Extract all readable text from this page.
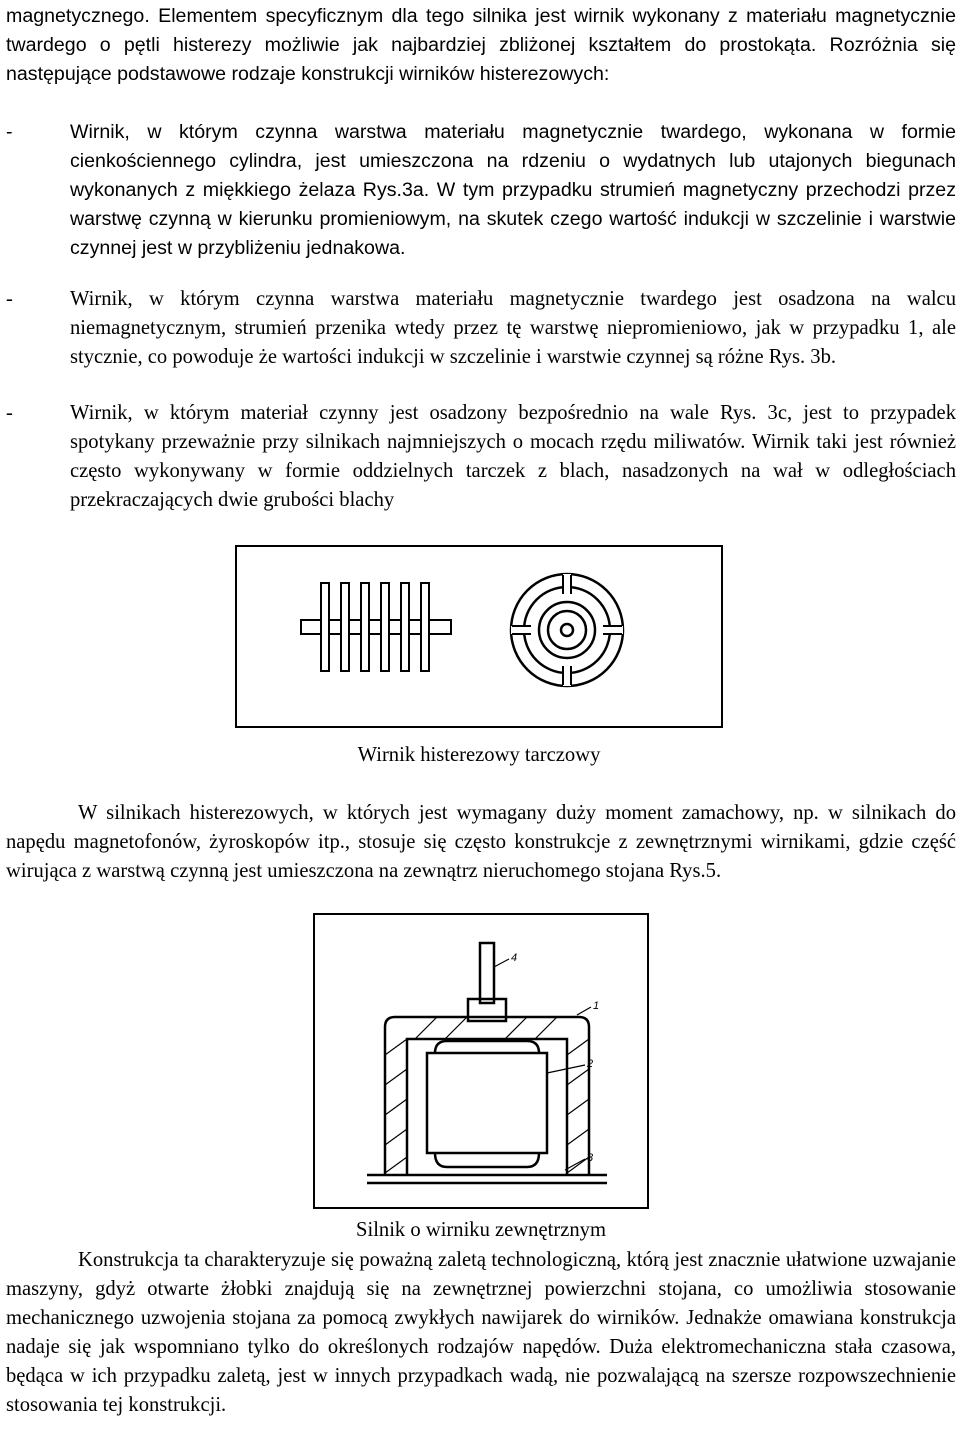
magnetycznego. Elementem specyficznym dla tego silnika jest wirnik wykonany z materiału magnetycznie twardego o pętli histerezy możliwie jak najbardziej zbliżonej kształtem do prostokąta. Rozróżnia się następujące podstawowe rodzaje konstrukcji wirników histerezowych:

-	Wirnik, w którym czynna warstwa materiału magnetycznie twardego, wykonana w formie cienkościennego cylindra, jest umieszczona na rdzeniu o wydatnych lub utajonych biegunach wykonanych z miękkiego żelaza Rys.3a. W tym przypadku strumień magnetyczny przechodzi przez warstwę czynną w kierunku promieniowym, na skutek czego wartość indukcji w szczelinie i warstwie czynnej jest w przybliżeniu jednakowa.
-	Wirnik, w którym czynna warstwa materiału magnetycznie twardego jest osadzona na walcu niemagnetycznym, strumień przenika wtedy przez tę warstwę niepromieniowo, jak w przypadku 1, ale stycznie, co powoduje że wartości indukcji w szczelinie i warstwie czynnej są różne Rys. 3b.
-	Wirnik, w którym materiał czynny jest osadzony bezpośrednio na wale Rys. 3c, jest to przypadek spotykany przeważnie przy silnikach najmniejszych o mocach rzędu miliwatów. Wirnik taki jest również często wykonywany w formie oddzielnych tarczek z blach, nasadzonych na wał w odległościach przekraczających dwie grubości blachy

Wirnik histerezowy tarczowy

W silnikach histerezowych, w których jest wymagany duży moment zamachowy, np. w silnikach do napędu magnetofonów, żyroskopów itp., stosuje się często konstrukcje z zewnętrznymi wirnikami, gdzie część wirująca z warstwą czynną jest umieszczona na zewnątrz nieruchomego stojana Rys.5.

4
1
2
3

Silnik o wirniku zewnętrznym

Konstrukcja ta charakteryzuje się poważną zaletą technologiczną, którą jest znacznie ułatwione uzwajanie maszyny, gdyż otwarte żłobki znajdują się na zewnętrznej powierzchni stojana, co umożliwia stosowanie mechanicznego uzwojenia stojana za pomocą zwykłych nawijarek do wirników. Jednakże omawiana konstrukcja nadaje się jak wspomniano tylko do określonych rodzajów napędów. Duża elektromechaniczna stała czasowa, będąca w ich przypadku zaletą, jest w innych przypadkach wadą, nie pozwalającą na szersze rozpowszechnienie stosowania tej konstrukcji.
